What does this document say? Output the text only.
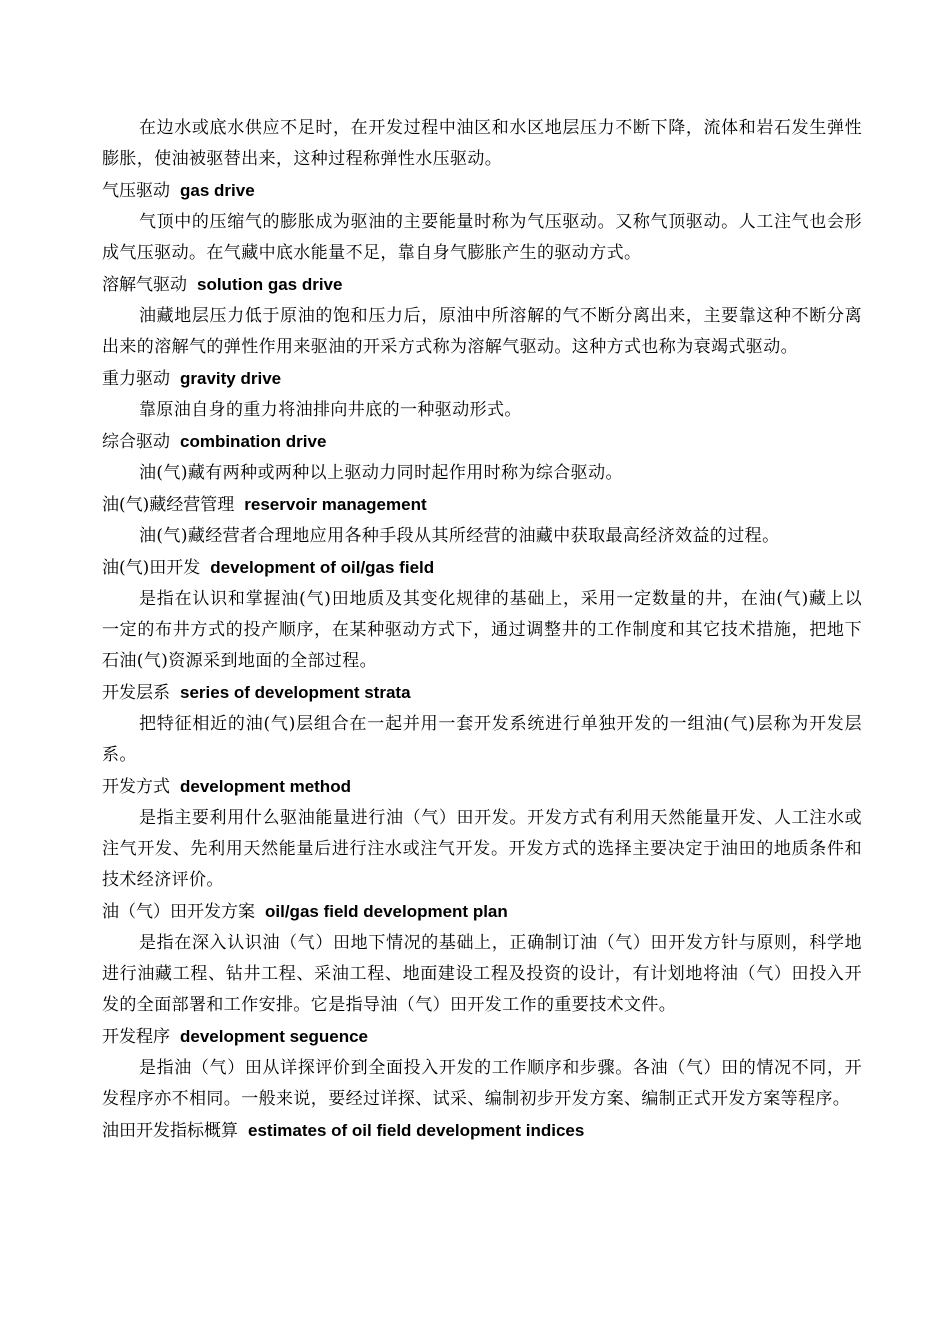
在边水或底水供应不足时，在开发过程中油区和水区地层压力不断下降，流体和岩石发生弹性膨胀，使油被驱替出来，这种过程称弹性水压驱动。

气压驱动 gas drive

气顶中的压缩气的膨胀成为驱油的主要能量时称为气压驱动。又称气顶驱动。人工注气也会形成气压驱动。在气藏中底水能量不足，靠自身气膨胀产生的驱动方式。

溶解气驱动 solution gas drive

油藏地层压力低于原油的饱和压力后，原油中所溶解的气不断分离出来，主要靠这种不断分离出来的溶解气的弹性作用来驱油的开采方式称为溶解气驱动。这种方式也称为衰竭式驱动。

重力驱动 gravity drive

靠原油自身的重力将油排向井底的一种驱动形式。

综合驱动 combination drive

油(气)藏有两种或两种以上驱动力同时起作用时称为综合驱动。

油(气)藏经营管理 reservoir management

油(气)藏经营者合理地应用各种手段从其所经营的油藏中获取最高经济效益的过程。

油(气)田开发 development of oil/gas field

是指在认识和掌握油(气)田地质及其变化规律的基础上，采用一定数量的井，在油(气)藏上以一定的布井方式的投产顺序，在某种驱动方式下，通过调整井的工作制度和其它技术措施，把地下石油(气)资源采到地面的全部过程。

开发层系 series of development strata

把特征相近的油(气)层组合在一起并用一套开发系统进行单独开发的一组油(气)层称为开发层系。

开发方式 development method

是指主要利用什么驱油能量进行油（气）田开发。开发方式有利用天然能量开发、人工注水或注气开发、先利用天然能量后进行注水或注气开发。开发方式的选择主要决定于油田的地质条件和技术经济评价。

油（气）田开发方案 oil/gas field development plan

是指在深入认识油（气）田地下情况的基础上，正确制订油（气）田开发方针与原则，科学地进行油藏工程、钻井工程、采油工程、地面建设工程及投资的设计，有计划地将油（气）田投入开发的全面部署和工作安排。它是指导油（气）田开发工作的重要技术文件。

开发程序 development seguence

是指油（气）田从详探评价到全面投入开发的工作顺序和步骤。各油（气）田的情况不同，开发程序亦不相同。一般来说，要经过详探、试采、编制初步开发方案、编制正式开发方案等程序。

油田开发指标概算 estimates of oil field development indices
